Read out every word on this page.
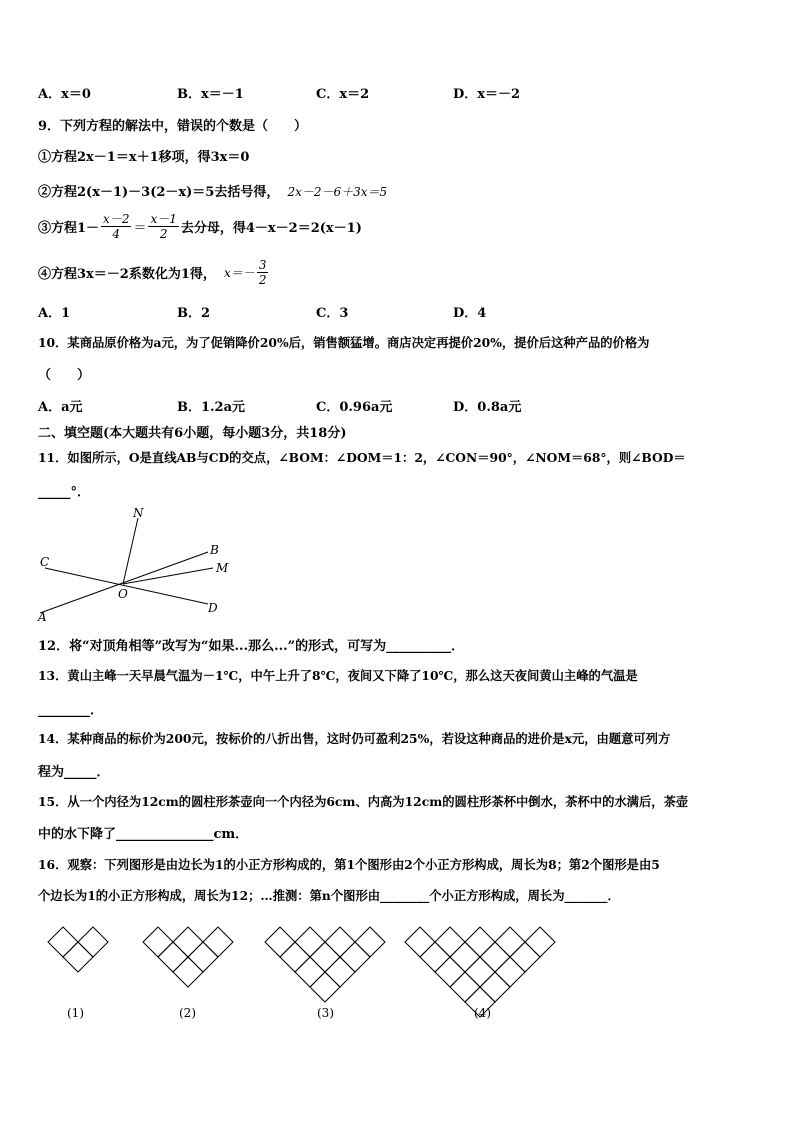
A．x＝0	B．x＝－1	C．x＝2	D．x＝－2
9．下列方程的解法中，错误的个数是（　　）
①方程2x－1＝x＋1移项，得3x＝0
②方程2(x－1)－3(2－x)＝5去括号得， 2x－2－6＋3x＝5
③方程$1- \frac{x-2}{4} = \frac{x-1}{2}$ 去分母，得4－x－2＝2(x－1)
④方程3x＝－2系数化为1得， $x=- \frac{3}{2}$
A．1	B．2	C．3	D．4
10．某商品原价格为a元，为了促销降价20%后，销售额猛增。商店决定再提价20%，提价后这种产品的价格为
（　　）
A．a元	B．1.2a元	C．0.96a元	D．0.8a元
二、填空题(本大题共有6小题，每小题3分，共18分)
11．如图所示，O是直线AB与CD的交点，∠BOM：∠DOM＝1：2，∠CON＝90°，∠NOM＝68°，则∠BOD＝
_____°．
N
B
M
C
O
A
D
12．将“对顶角相等”改写为“如果...那么...”的形式，可写为__________．
13．黄山主峰一天早晨气温为－1℃，中午上升了8℃，夜间又下降了10℃，那么这天夜间黄山主峰的气温是
________．
14．某种商品的标价为200元，按标价的八折出售，这时仍可盈利25%，若设这种商品的进价是x元，由题意可列方
程为_____．
15．从一个内径为12cm的圆柱形茶壶向一个内径为6cm、内高为12cm的圆柱形茶杯中倒水，茶杯中的水满后，茶壶
中的水下降了_______________cm．
16．观察：下列图形是由边长为1的小正方形构成的，第1个图形由2个小正方形构成，周长为8；第2个图形是由5
个边长为1的小正方形构成，周长为12；…推测：第n个图形由________个小正方形构成，周长为_______．
(1)	(2)	(3)	(4)
